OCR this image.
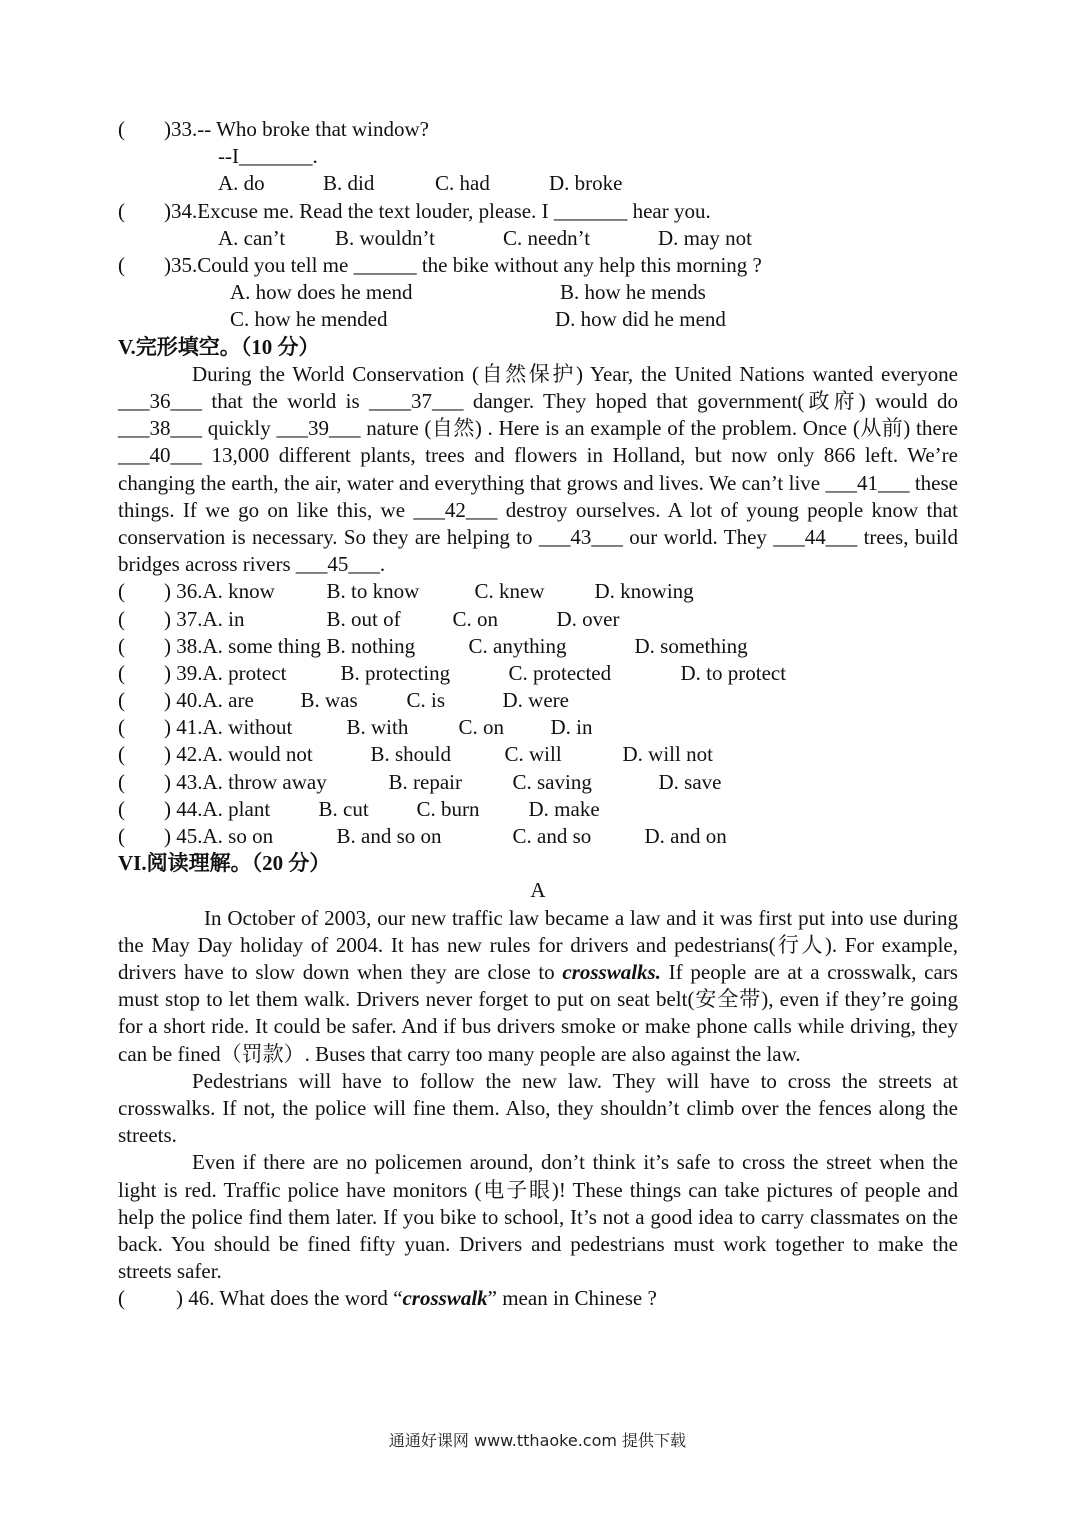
(	)33. -- Who broke that window?
--I_______.
A. do	B. did	C. had	D. broke
(	)34. Excuse me. Read the text louder, please. I _______ hear you.
A. can’t	B. wouldn’t	C. needn’t	D. may not
(	)35. Could you tell me ______ the bike without any help this morning ?
A. how does he mend	B. how he mends
C. how he mended	D. how did he mend
V.完形填空。（10 分）
During the World Conservation (自然保护) Year, the United Nations wanted everyone ___36___ that the world is ____37___ danger. They hoped that government(政府) would do ___38___ quickly ___39___ nature (自然) . Here is an example of the problem. Once (从前) there ___40___ 13,000 different plants, trees and flowers in Holland, but now only 866 left. We’re changing the earth, the air, water and everything that grows and lives. We can’t live ___41___ these things. If we go on like this, we ___42___ destroy ourselves. A lot of young people know that conservation is necessary. So they are helping to ___43___ our world. They ___44___ trees, build bridges across rivers ___45___.
(	) 36. A. know	B. to know	C. knew	D. knowing
(	) 37. A. in	B. out of	C. on	D. over
(	) 38. A. some thing B. nothing	C. anything	D. something
(	) 39. A. protect	B. protecting	C. protected	D. to protect
(	) 40. A. are	B. was	C. is	D. were
(	) 41. A. without	B. with	C. on	D. in
(	) 42. A. would not	B. should	C. will	D. will not
(	) 43. A. throw away	B. repair	C. saving	D. save
(	) 44. A. plant	B. cut	C. burn	D. make
(	) 45. A. so on	B. and so on	C. and so	D. and on
VI.阅读理解。（20 分）
A
In October of 2003, our new traffic law became a law and it was first put into use during the May Day holiday of 2004. It has new rules for drivers and pedestrians(行人). For example, drivers have to slow down when they are close to crosswalks. If people are at a crosswalk, cars must stop to let them walk. Drivers never forget to put on seat belt(安全带), even if they’re going for a short ride. It could be safer. And if bus drivers smoke or make phone calls while driving, they can be fined（罚款）. Buses that carry too many people are also against the law.
Pedestrians will have to follow the new law. They will have to cross the streets at crosswalks. If not, the police will fine them. Also, they shouldn’t climb over the fences along the streets.
Even if there are no policemen around, don’t think it’s safe to cross the street when the light is red. Traffic police have monitors (电子眼)! These things can take pictures of people and help the police find them later. If you bike to school, It’s not a good idea to carry classmates on the back. You should be fined fifty yuan. Drivers and pedestrians must work together to make the streets safer.
(	) 46. What does the word “ crosswalk ” mean in Chinese ?
通通好课网 www.tthaoke.com 提供下载
